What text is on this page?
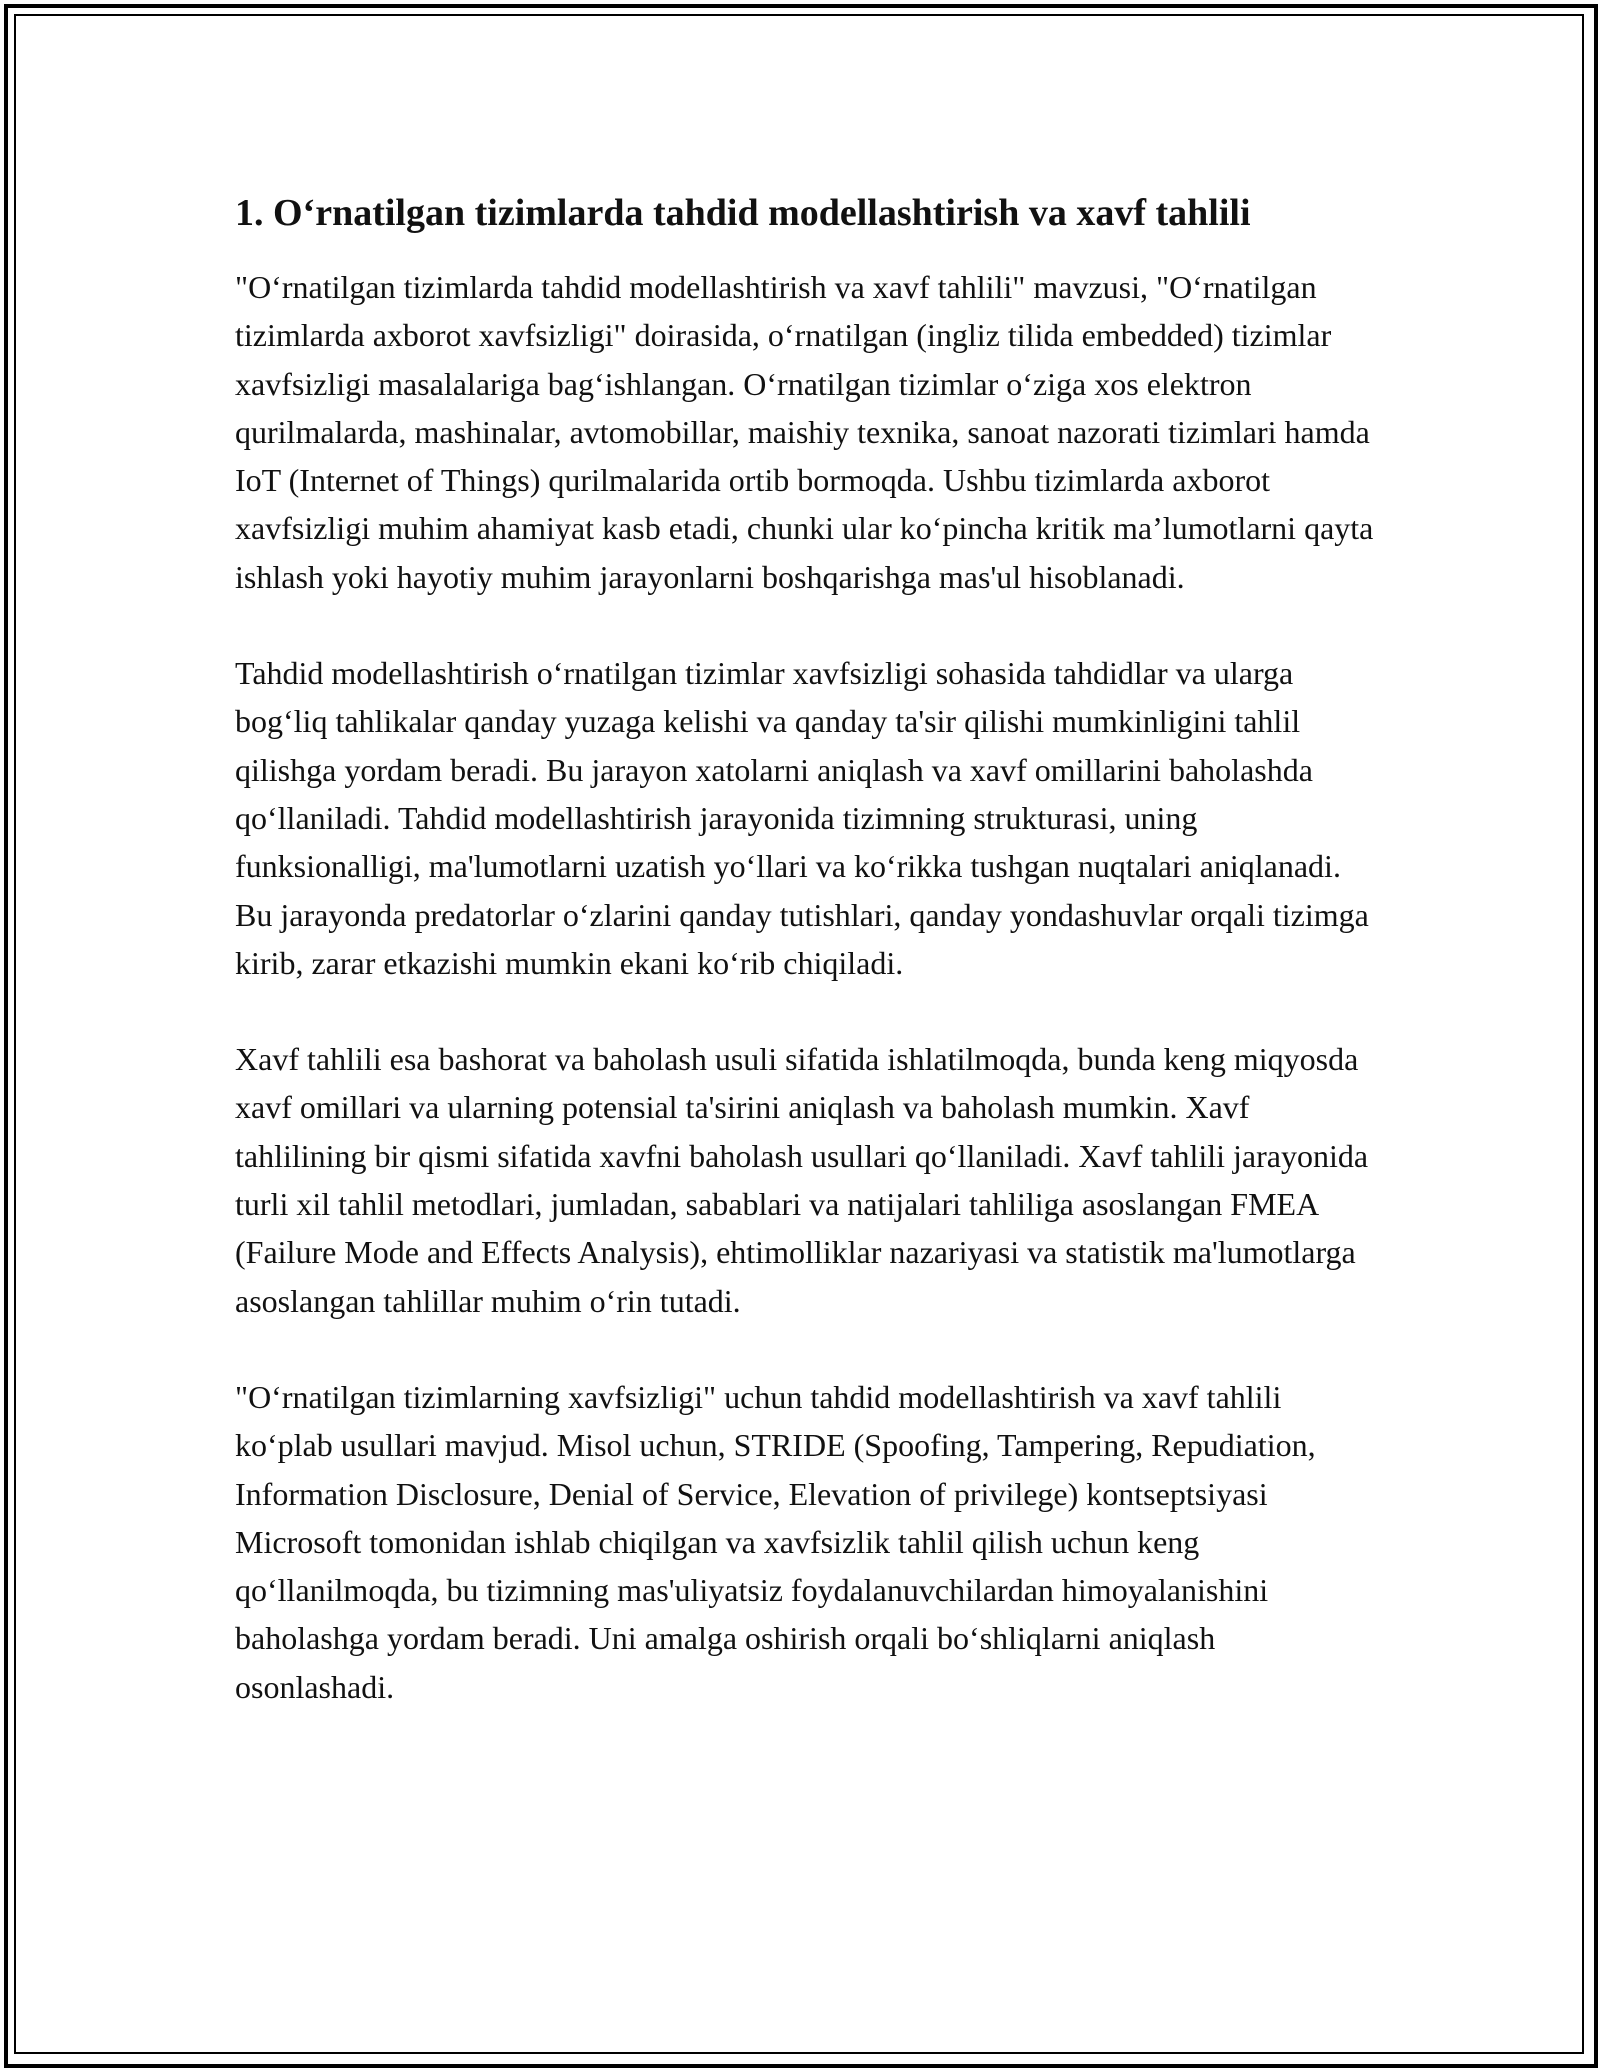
1. O‘rnatilgan tizimlarda tahdid modellashtirish va xavf tahlili

"O‘rnatilgan tizimlarda tahdid modellashtirish va xavf tahlili" mavzusi, "O‘rnatilgan tizimlarda axborot xavfsizligi" doirasida, o‘rnatilgan (ingliz tilida embedded) tizimlar xavfsizligi masalalariga bag‘ishlangan. O‘rnatilgan tizimlar o‘ziga xos elektron qurilmalarda, mashinalar, avtomobillar, maishiy texnika, sanoat nazorati tizimlari hamda IoT (Internet of Things) qurilmalarida ortib bormoqda. Ushbu tizimlarda axborot xavfsizligi muhim ahamiyat kasb etadi, chunki ular ko‘pincha kritik ma’lumotlarni qayta ishlash yoki hayotiy muhim jarayonlarni boshqarishga mas'ul hisoblanadi.

Tahdid modellashtirish o‘rnatilgan tizimlar xavfsizligi sohasida tahdidlar va ularga bog‘liq tahlikalar qanday yuzaga kelishi va qanday ta'sir qilishi mumkinligini tahlil qilishga yordam beradi. Bu jarayon xatolarni aniqlash va xavf omillarini baholashda qo‘llaniladi. Tahdid modellashtirish jarayonida tizimning strukturasi, uning funksionalligi, ma'lumotlarni uzatish yo‘llari va ko‘rikka tushgan nuqtalari aniqlanadi. Bu jarayonda predatorlar o‘zlarini qanday tutishlari, qanday yondashuvlar orqali tizimga kirib, zarar etkazishi mumkin ekani ko‘rib chiqiladi.

Xavf tahlili esa bashorat va baholash usuli sifatida ishlatilmoqda, bunda keng miqyosda xavf omillari va ularning potensial ta'sirini aniqlash va baholash mumkin. Xavf tahlilining bir qismi sifatida xavfni baholash usullari qo‘llaniladi. Xavf tahlili jarayonida turli xil tahlil metodlari, jumladan, sabablari va natijalari tahliliga asoslangan FMEA (Failure Mode and Effects Analysis), ehtimolliklar nazariyasi va statistik ma'lumotlarga asoslangan tahlillar muhim o‘rin tutadi.

"O‘rnatilgan tizimlarning xavfsizligi" uchun tahdid modellashtirish va xavf tahlili ko‘plab usullari mavjud. Misol uchun, STRIDE (Spoofing, Tampering, Repudiation, Information Disclosure, Denial of Service, Elevation of privilege) kontseptsiyasi Microsoft tomonidan ishlab chiqilgan va xavfsizlik tahlil qilish uchun keng qo‘llanilmoqda, bu tizimning mas'uliyatsiz foydalanuvchilardan himoyalanishini baholashga yordam beradi. Uni amalga oshirish orqali bo‘shliqlarni aniqlash osonlashadi.
